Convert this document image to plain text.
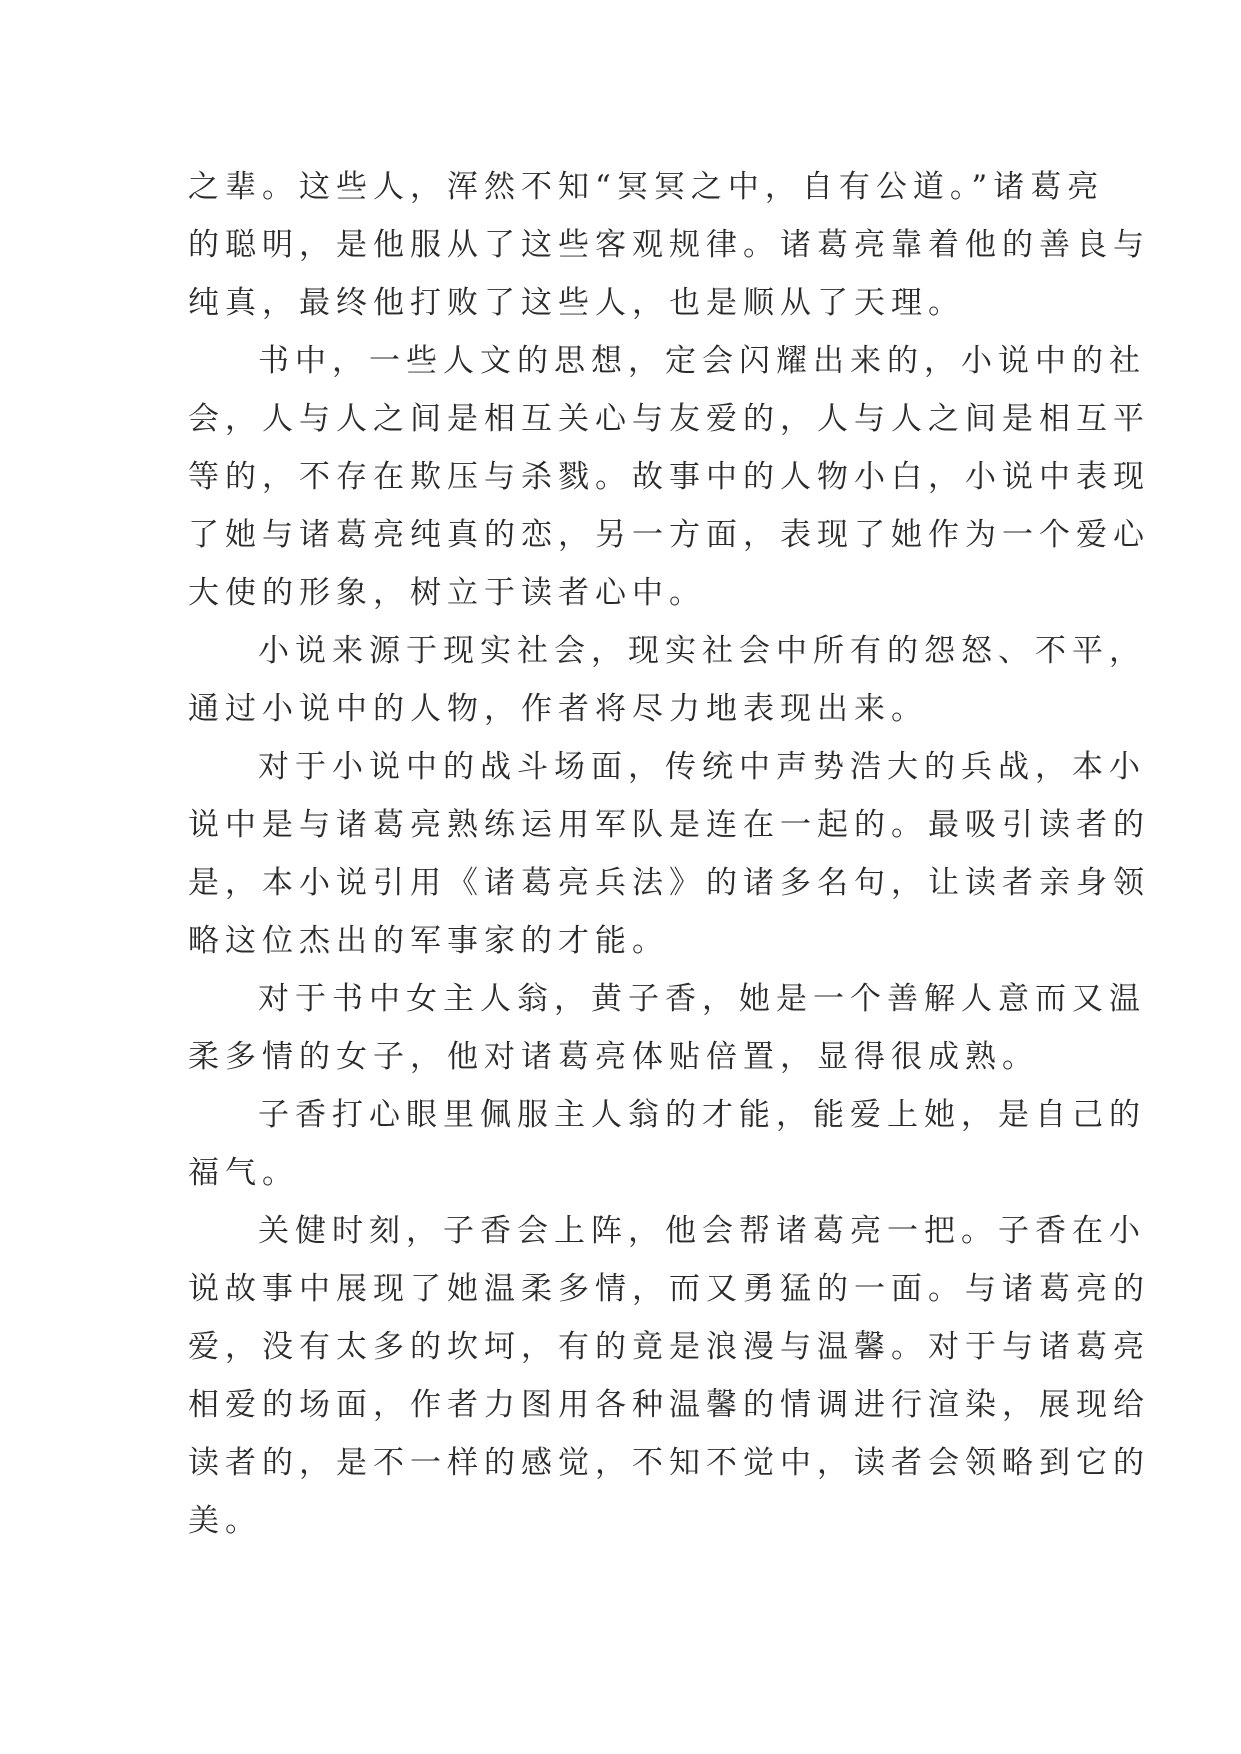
之辈。这些人，浑然不知“冥冥之中，自有公道。”诸葛亮
的聪明，是他服从了这些客观规律。诸葛亮靠着他的善良与
纯真，最终他打败了这些人，也是顺从了天理。
书中，一些人文的思想，定会闪耀出来的，小说中的社
会，人与人之间是相互关心与友爱的，人与人之间是相互平
等的，不存在欺压与杀戮。故事中的人物小白，小说中表现
了她与诸葛亮纯真的恋，另一方面，表现了她作为一个爱心
大使的形象，树立于读者心中。
小说来源于现实社会，现实社会中所有的怨怒、不平，
通过小说中的人物，作者将尽力地表现出来。
对于小说中的战斗场面，传统中声势浩大的兵战，本小
说中是与诸葛亮熟练运用军队是连在一起的。最吸引读者的
是，本小说引用《诸葛亮兵法》的诸多名句，让读者亲身领
略这位杰出的军事家的才能。
对于书中女主人翁，黄子香，她是一个善解人意而又温
柔多情的女子，他对诸葛亮体贴倍置，显得很成熟。
子香打心眼里佩服主人翁的才能，能爱上她，是自己的
福气。
关健时刻，子香会上阵，他会帮诸葛亮一把。子香在小
说故事中展现了她温柔多情，而又勇猛的一面。与诸葛亮的
爱，没有太多的坎坷，有的竟是浪漫与温馨。对于与诸葛亮
相爱的场面，作者力图用各种温馨的情调进行渲染，展现给
读者的，是不一样的感觉，不知不觉中，读者会领略到它的
美。
